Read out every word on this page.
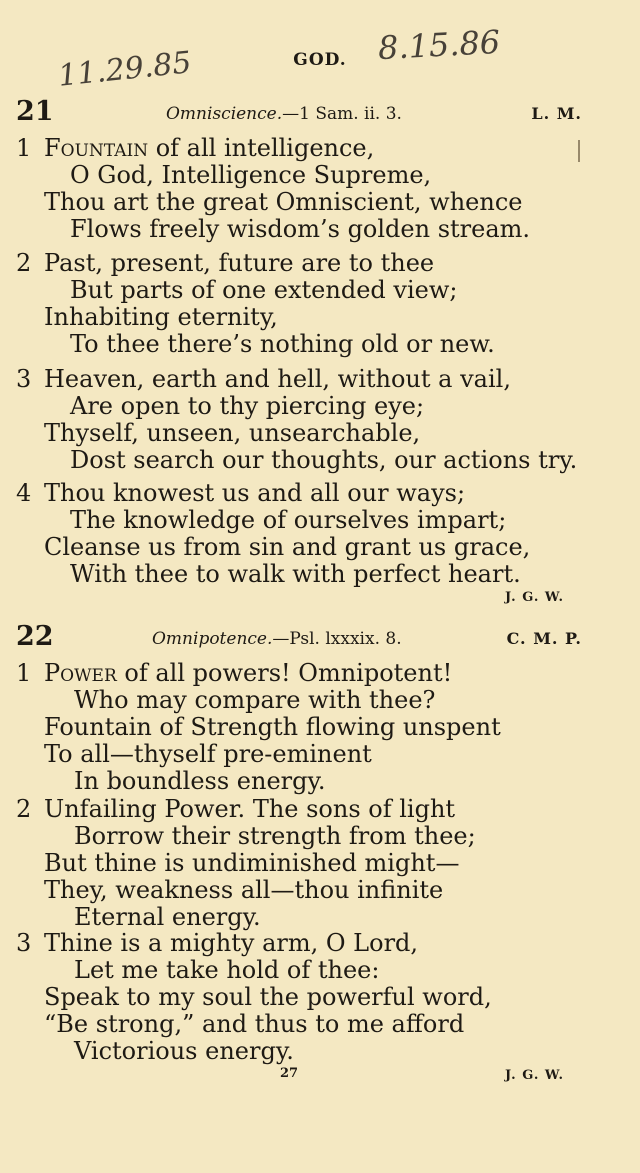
11.29.85
8.15.86
GOD.
21	Omniscience.—1 Sam. ii. 3.	L. M.
1 Fountain of all intelligence,
O God, Intelligence Supreme,
Thou art the great Omniscient, whence
Flows freely wisdom’s golden stream.
2 Past, present, future are to thee
But parts of one extended view;
Inhabiting eternity,
To thee there’s nothing old or new.
3 Heaven, earth and hell, without a vail,
Are open to thy piercing eye;
Thyself, unseen, unsearchable,
Dost search our thoughts, our actions try.
4 Thou knowest us and all our ways;
The knowledge of ourselves impart;
Cleanse us from sin and grant us grace,
With thee to walk with perfect heart.
J. G. W.
22	Omnipotence.—Psl. lxxxix. 8.	C. M. P.
1 Power of all powers! Omnipotent!
Who may compare with thee?
Fountain of Strength flowing unspent
To all—thyself pre-eminent
In boundless energy.
2 Unfailing Power. The sons of light
Borrow their strength from thee;
But thine is undiminished might—
They, weakness all—thou infinite
Eternal energy.
3 Thine is a mighty arm, O Lord,
Let me take hold of thee:
Speak to my soul the powerful word,
“Be strong,” and thus to me afford
Victorious energy.
27	J. G. W.
